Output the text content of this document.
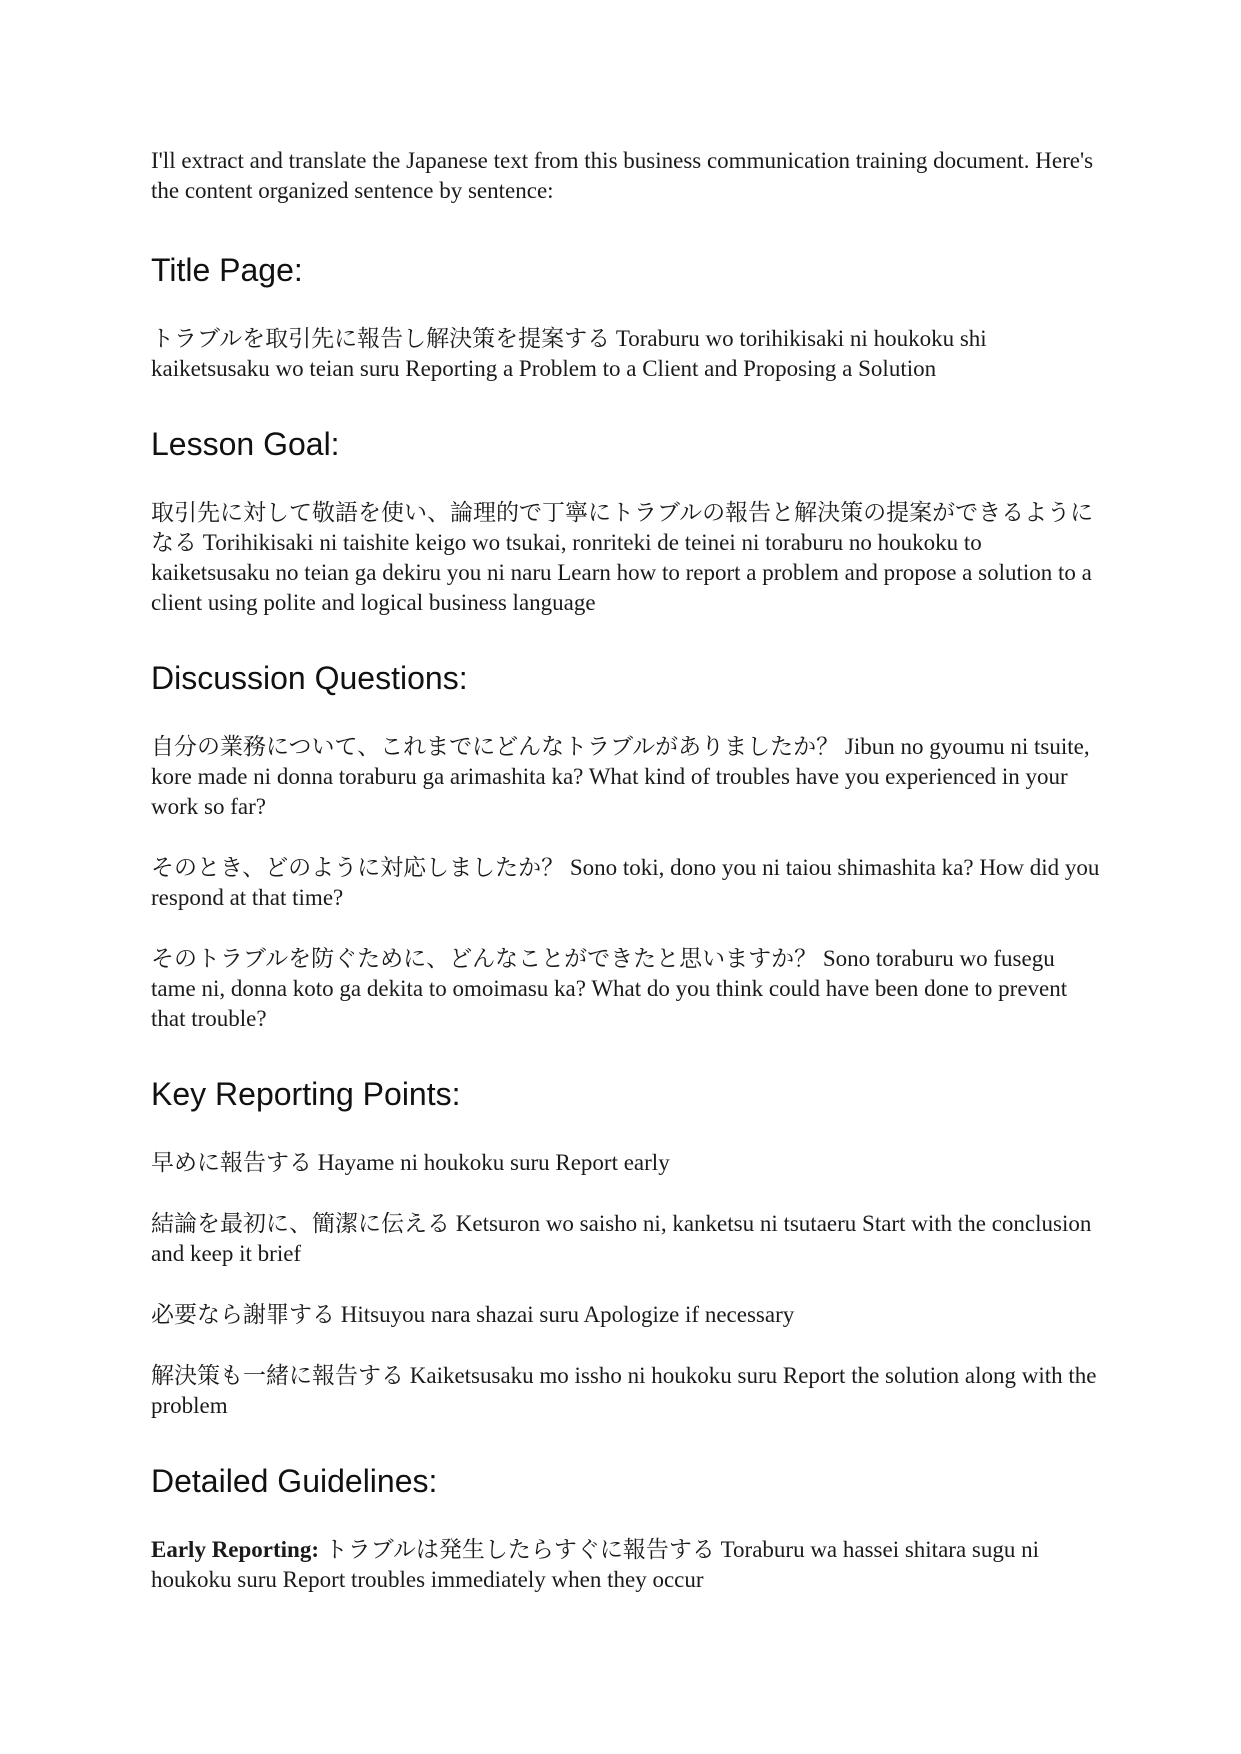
I'll extract and translate the Japanese text from this business communication training document. Here's the content organized sentence by sentence:

Title Page:

トラブルを取引先に報告し解決策を提案する Toraburu wo torihikisaki ni houkoku shi kaiketsusaku wo teian suru Reporting a Problem to a Client and Proposing a Solution

Lesson Goal:

取引先に対して敬語を使い、論理的で丁寧にトラブルの報告と解決策の提案ができるようになる Torihikisaki ni taishite keigo wo tsukai, ronriteki de teinei ni toraburu no houkoku to kaiketsusaku no teian ga dekiru you ni naru Learn how to report a problem and propose a solution to a client using polite and logical business language

Discussion Questions:

自分の業務について、これまでにどんなトラブルがありましたか？ Jibun no gyoumu ni tsuite, kore made ni donna toraburu ga arimashita ka? What kind of troubles have you experienced in your work so far?

そのとき、どのように対応しましたか？ Sono toki, dono you ni taiou shimashita ka? How did you respond at that time?

そのトラブルを防ぐために、どんなことができたと思いますか？ Sono toraburu wo fusegu tame ni, donna koto ga dekita to omoimasu ka? What do you think could have been done to prevent that trouble?

Key Reporting Points:

早めに報告する Hayame ni houkoku suru Report early

結論を最初に、簡潔に伝える Ketsuron wo saisho ni, kanketsu ni tsutaeru Start with the conclusion and keep it brief

必要なら謝罪する Hitsuyou nara shazai suru Apologize if necessary

解決策も一緒に報告する Kaiketsusaku mo issho ni houkoku suru Report the solution along with the problem

Detailed Guidelines:

Early Reporting: トラブルは発生したらすぐに報告する Toraburu wa hassei shitara sugu ni houkoku suru Report troubles immediately when they occur
